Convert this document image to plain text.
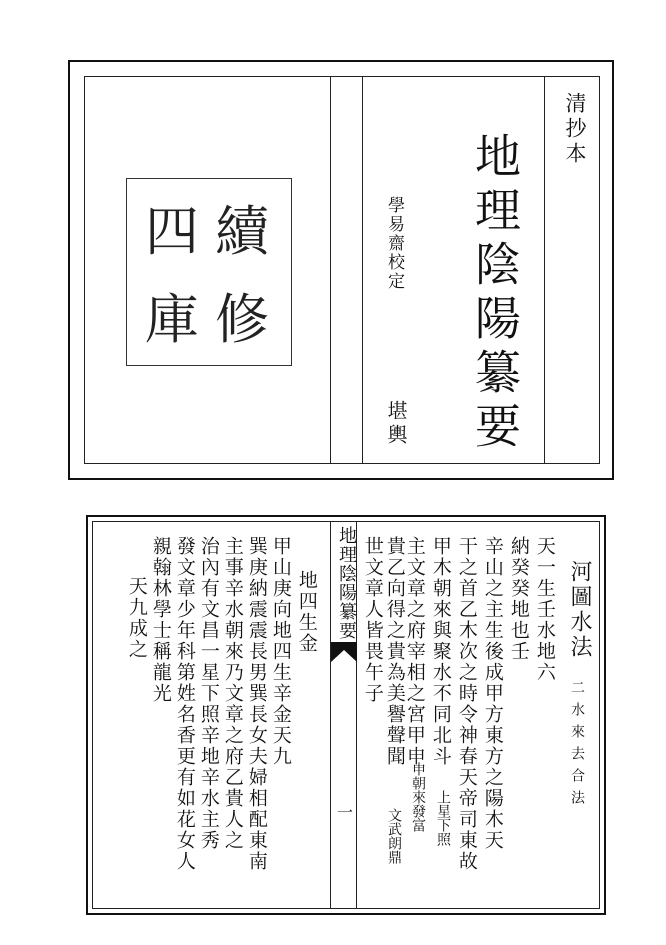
清抄本
地理陰陽纂要
學易齋校定
堪輿
續
修
四
庫
地理陰陽纂要
一
河圖水法
二水來去合法
天一生壬水地六
納癸癸地也壬
辛山之主生後成甲方東方之陽木天
干之首乙木次之時令神春天帝司東故
甲木朝來與聚水不同北斗
主文章之府宰相之宮甲申
貴乙向得之貴為美譽聲聞
世文章人皆畏午子
上星下照
申朝來發富
文武朗鼎
地四生金
甲山庚向地四生辛金天九
巽庚納震震長男巽長女夫婦相配東南
主事辛水朝來乃文章之府乙貴人之
治內有文昌一星下照辛地辛水主秀
發文章少年科第姓名香更有如花女人
親翰林學士稱龍光
天九成之
